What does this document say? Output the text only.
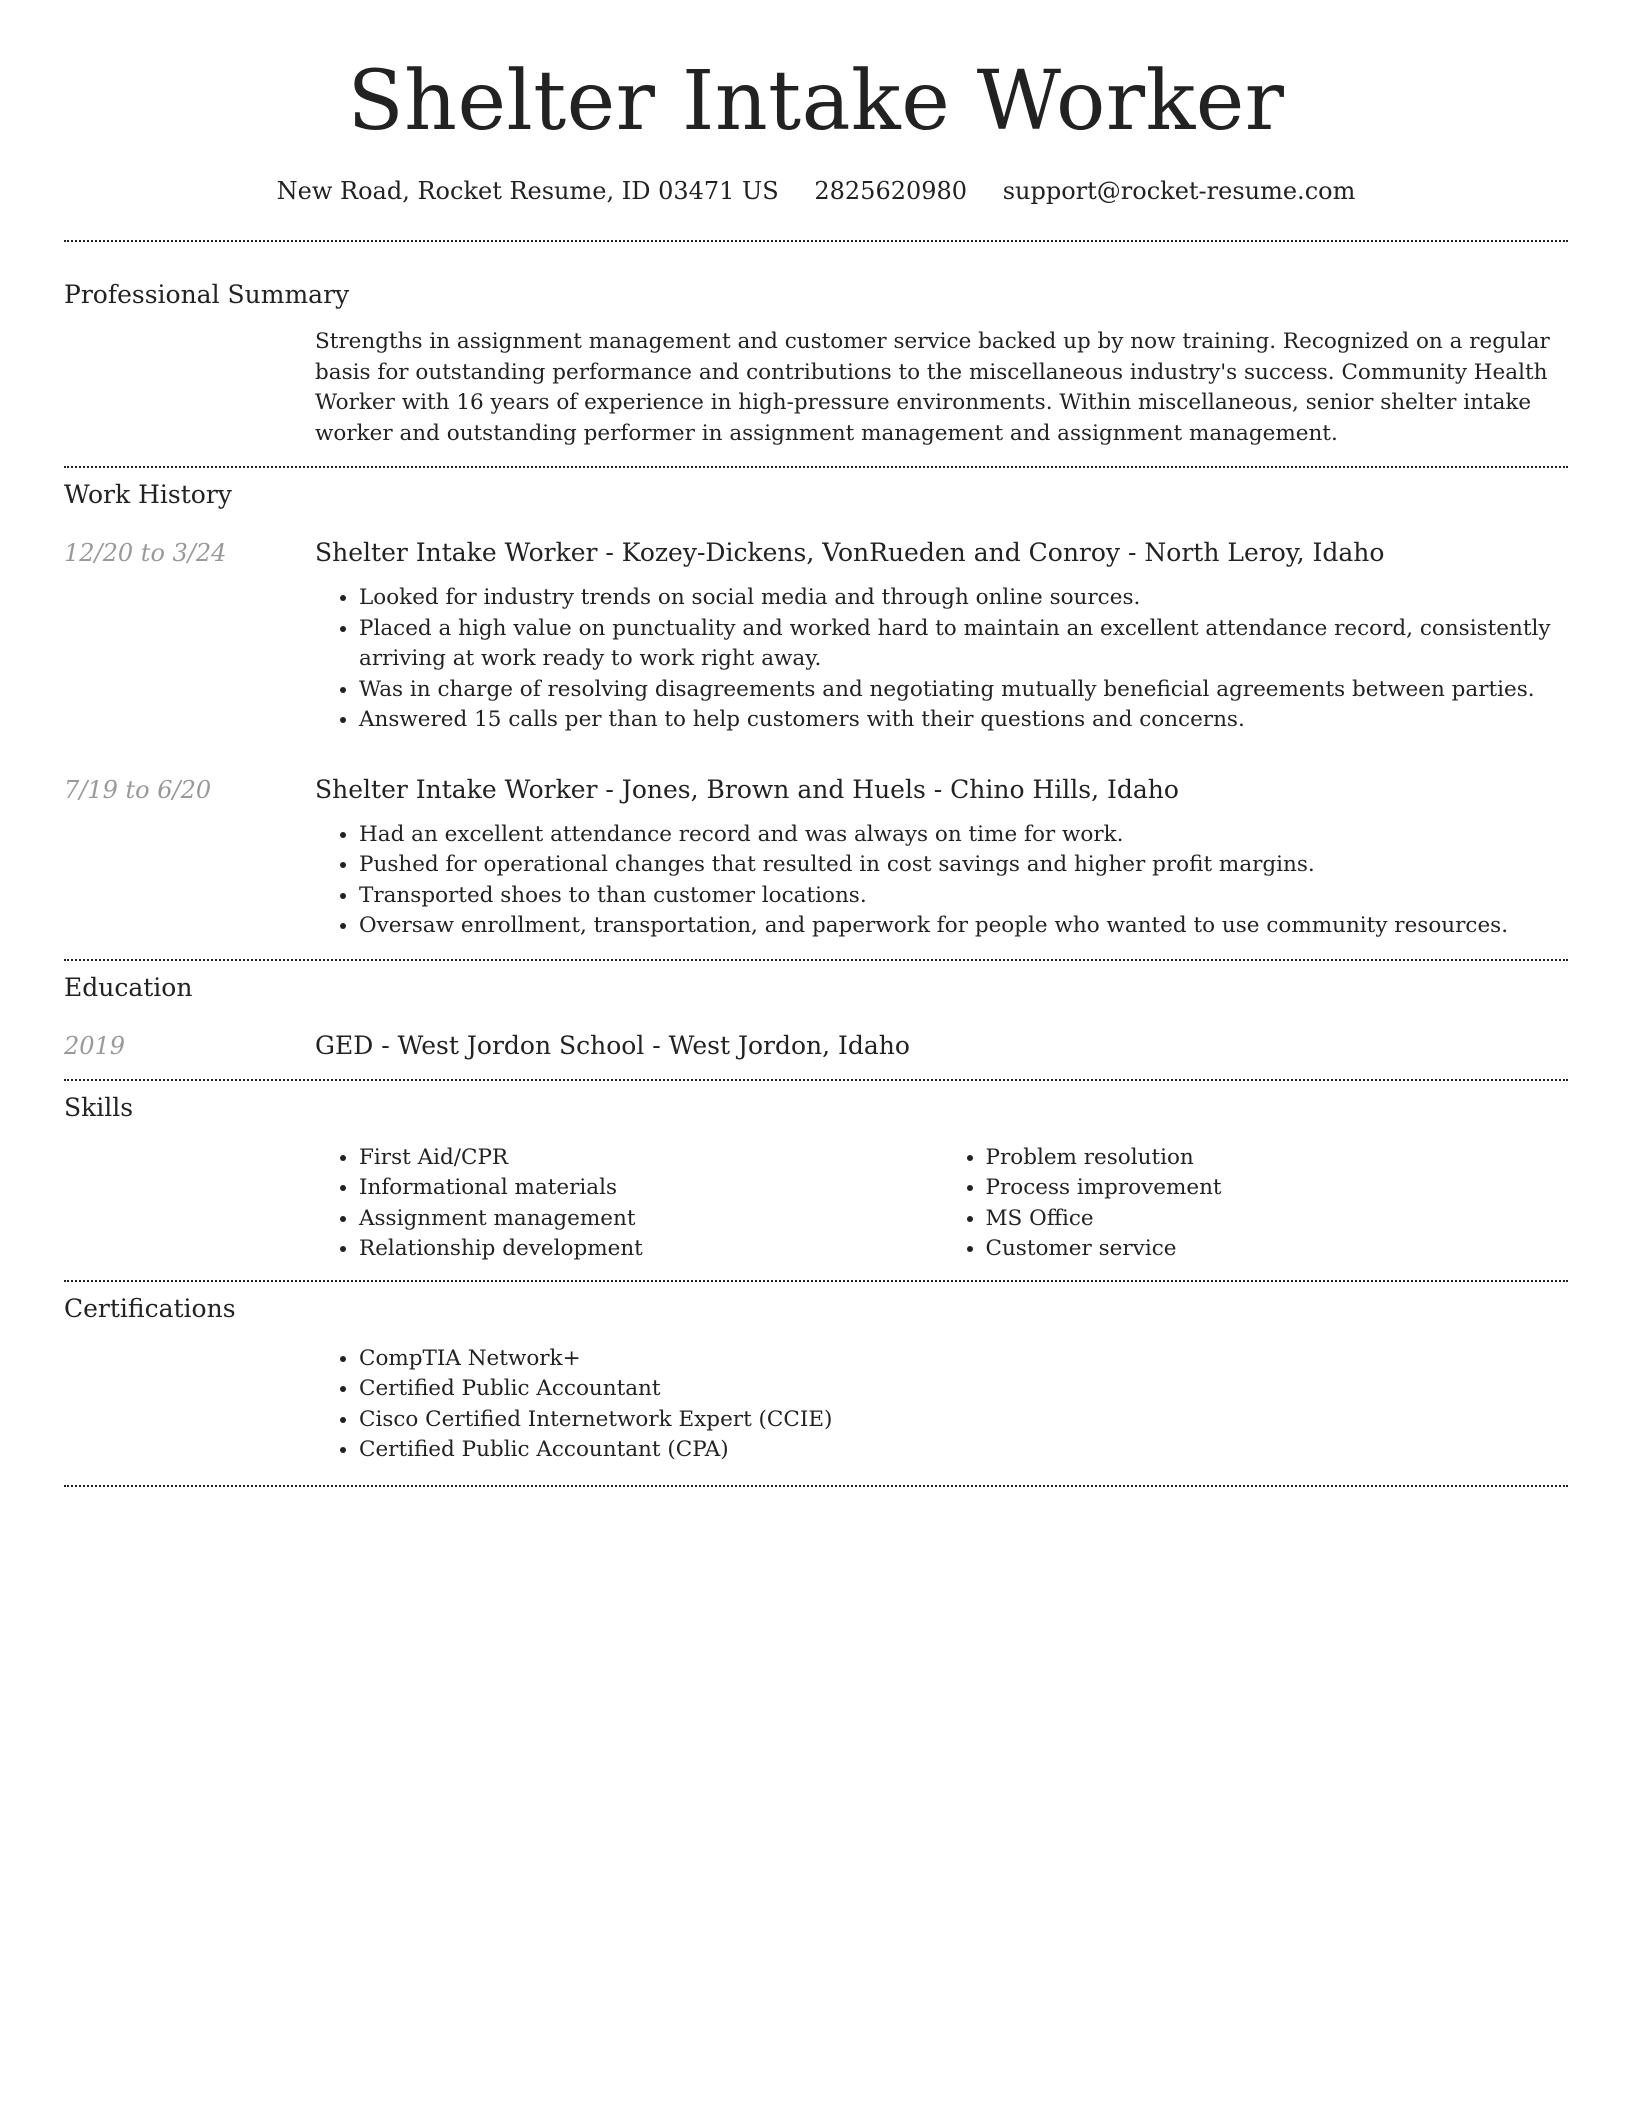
Shelter Intake Worker
New Road, Rocket Resume, ID 03471 US 2825620980 support@rocket-resume.com
Professional Summary

Strengths in assignment management and customer service backed up by now training. Recognized on a regular basis for outstanding performance and contributions to the miscellaneous industry's success. Community Health Worker with 16 years of experience in high-pressure environments. Within miscellaneous, senior shelter intake worker and outstanding performer in assignment management and assignment management.

Work History
12/20 to 3/24	Shelter Intake Worker - Kozey-Dickens, VonRueden and Conroy - North Leroy, Idaho
• Looked for industry trends on social media and through online sources.
• Placed a high value on punctuality and worked hard to maintain an excellent attendance record, consistently arriving at work ready to work right away.
• Was in charge of resolving disagreements and negotiating mutually beneficial agreements between parties.
• Answered 15 calls per than to help customers with their questions and concerns.
7/19 to 6/20	Shelter Intake Worker - Jones, Brown and Huels - Chino Hills, Idaho
• Had an excellent attendance record and was always on time for work.
• Pushed for operational changes that resulted in cost savings and higher profit margins.
• Transported shoes to than customer locations.
• Oversaw enrollment, transportation, and paperwork for people who wanted to use community resources.
Education
2019	GED - West Jordon School - West Jordon, Idaho
Skills
• First Aid/CPR
• Informational materials
• Assignment management
• Relationship development
• Problem resolution
• Process improvement
• MS Office
• Customer service
Certifications
• CompTIA Network+
• Certified Public Accountant
• Cisco Certified Internetwork Expert (CCIE)
• Certified Public Accountant (CPA)
